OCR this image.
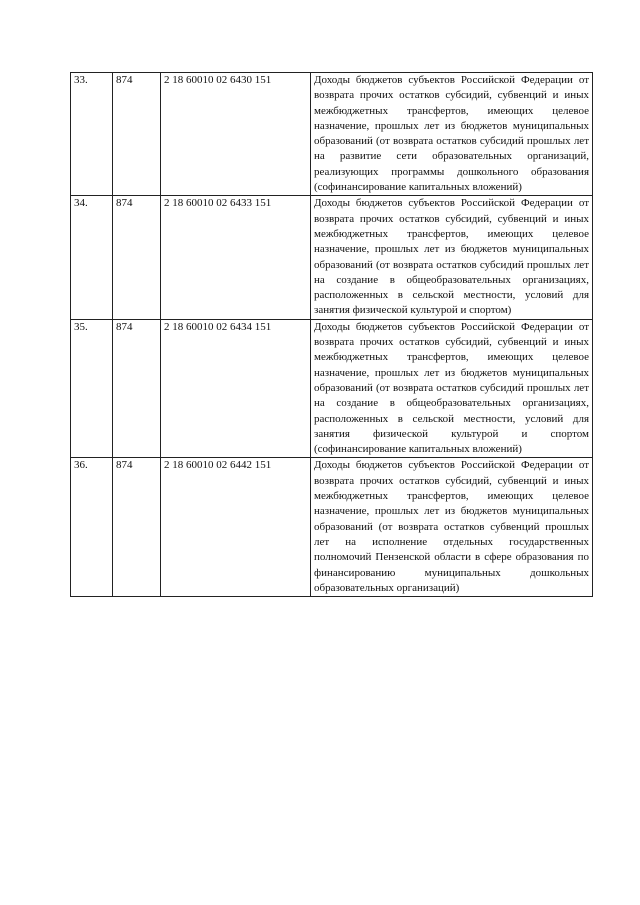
33.	874	2 18 60010 02 6430 151	Доходы бюджетов субъектов Российской Федерации от возврата прочих остатков субсидий, субвенций и иных межбюджетных трансфертов, имеющих целевое назначение, прошлых лет из бюджетов муниципальных образований (от возврата остатков субсидий прошлых лет на развитие сети образовательных организаций, реализующих программы дошкольного образования (софинансирование капитальных вложений)
34.	874	2 18 60010 02 6433 151	Доходы бюджетов субъектов Российской Федерации от возврата прочих остатков субсидий, субвенций и иных межбюджетных трансфертов, имеющих целевое назначение, прошлых лет из бюджетов муниципальных образований (от возврата остатков субсидий прошлых лет на создание в общеобразовательных организациях, расположенных в сельской местности, условий для занятия физической культурой и спортом)
35.	874	2 18 60010 02 6434 151	Доходы бюджетов субъектов Российской Федерации от возврата прочих остатков субсидий, субвенций и иных межбюджетных трансфертов, имеющих целевое назначение, прошлых лет из бюджетов муниципальных образований (от возврата остатков субсидий прошлых лет на создание в общеобразовательных организациях, расположенных в сельской местности, условий для занятия физической культурой и спортом (софинансирование капитальных вложений)
36.	874	2 18 60010 02 6442 151	Доходы бюджетов субъектов Российской Федерации от возврата прочих остатков субсидий, субвенций и иных межбюджетных трансфертов, имеющих целевое назначение, прошлых лет из бюджетов муниципальных образований (от возврата остатков субвенций прошлых лет на исполнение отдельных государственных полномочий Пензенской области в сфере образования по финансированию муниципальных дошкольных образовательных организаций)
